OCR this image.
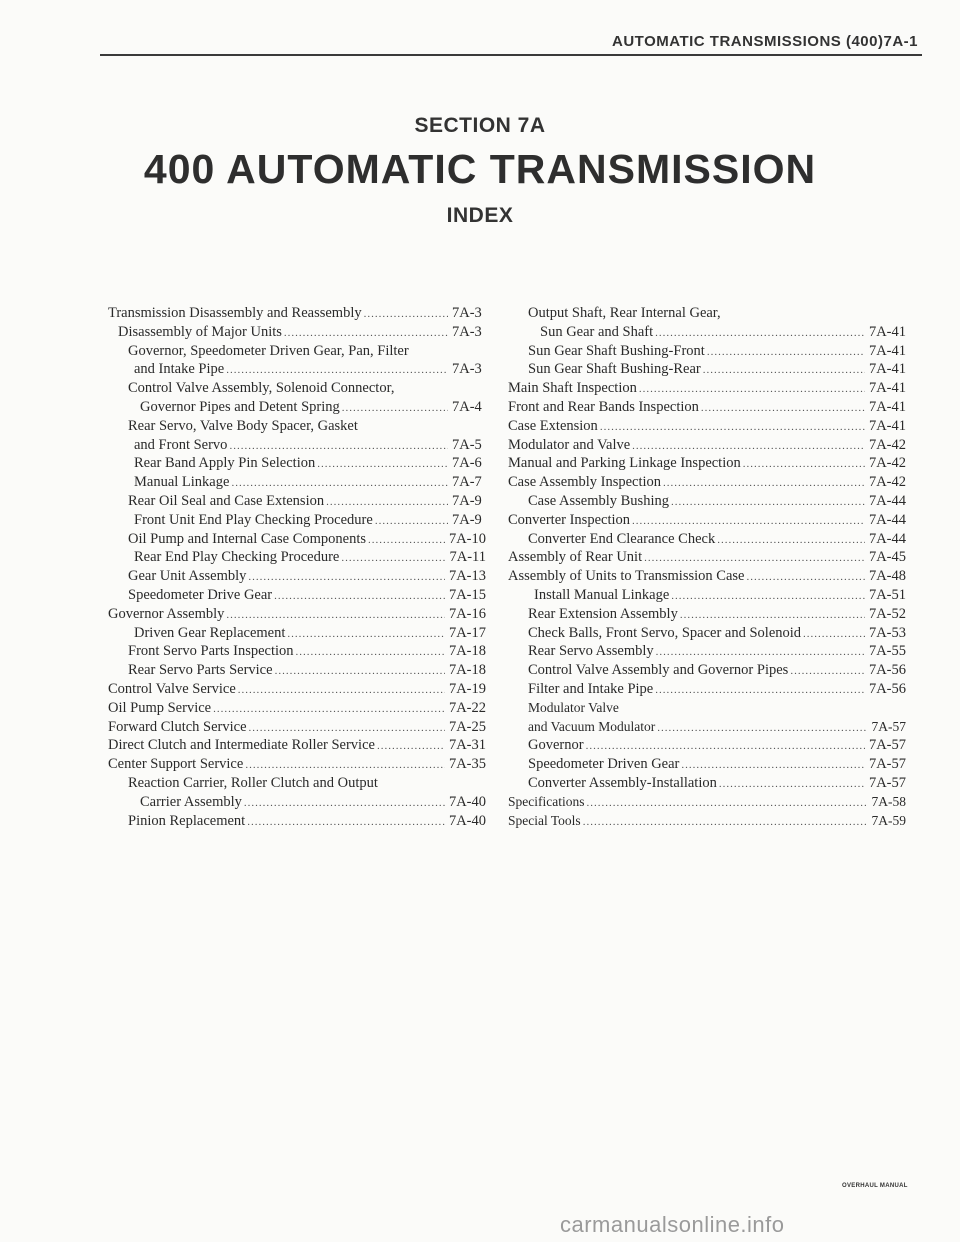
AUTOMATIC TRANSMISSIONS (400)7A-1
SECTION 7A
400 AUTOMATIC TRANSMISSION
INDEX
Transmission Disassembly and Reassembly .....	7A-3
Disassembly of Major Units .....	7A-3
Governor, Speedometer Driven Gear, Pan, Filter
and Intake Pipe .....	7A-3
Control Valve Assembly, Solenoid Connector,
Governor Pipes and Detent Spring .....	7A-4
Rear Servo, Valve Body Spacer, Gasket
and Front Servo .....	7A-5
Rear Band Apply Pin Selection .....	7A-6
Manual Linkage .....	7A-7
Rear Oil Seal and Case Extension .....	7A-9
Front Unit End Play Checking Procedure .....	7A-9
Oil Pump and Internal Case Components .....	7A-10
Rear End Play Checking Procedure .....	7A-11
Gear Unit Assembly .....	7A-13
Speedometer Drive Gear .....	7A-15
Governor Assembly .....	7A-16
Driven Gear Replacement .....	7A-17
Front Servo Parts Inspection .....	7A-18
Rear Servo Parts Service .....	7A-18
Control Valve Service .....	7A-19
Oil Pump Service .....	7A-22
Forward Clutch Service .....	7A-25
Direct Clutch and Intermediate Roller Service .....	7A-31
Center Support Service .....	7A-35
Reaction Carrier, Roller Clutch and Output
Carrier Assembly .....	7A-40
Pinion Replacement .....	7A-40
Output Shaft, Rear Internal Gear,
Sun Gear and Shaft .....	7A-41
Sun Gear Shaft Bushing-Front .....	7A-41
Sun Gear Shaft Bushing-Rear .....	7A-41
Main Shaft Inspection .....	7A-41
Front and Rear Bands Inspection .....	7A-41
Case Extension .....	7A-41
Modulator and Valve .....	7A-42
Manual and Parking Linkage Inspection .....	7A-42
Case Assembly Inspection .....	7A-42
Case Assembly Bushing .....	7A-44
Converter Inspection .....	7A-44
Converter End Clearance Check .....	7A-44
Assembly of Rear Unit .....	7A-45
Assembly of Units to Transmission Case .....	7A-48
Install Manual Linkage .....	7A-51
Rear Extension Assembly .....	7A-52
Check Balls, Front Servo, Spacer and Solenoid .....	7A-53
Rear Servo Assembly .....	7A-55
Control Valve Assembly and Governor Pipes .....	7A-56
Filter and Intake Pipe .....	7A-56
Modulator Valve
and Vacuum Modulator .....	7A-57
Governor .....	7A-57
Speedometer Driven Gear .....	7A-57
Converter Assembly-Installation .....	7A-57
Specifications .....	7A-58
Special Tools .....	7A-59
OVERHAUL MANUAL
carmanualsonline.info
